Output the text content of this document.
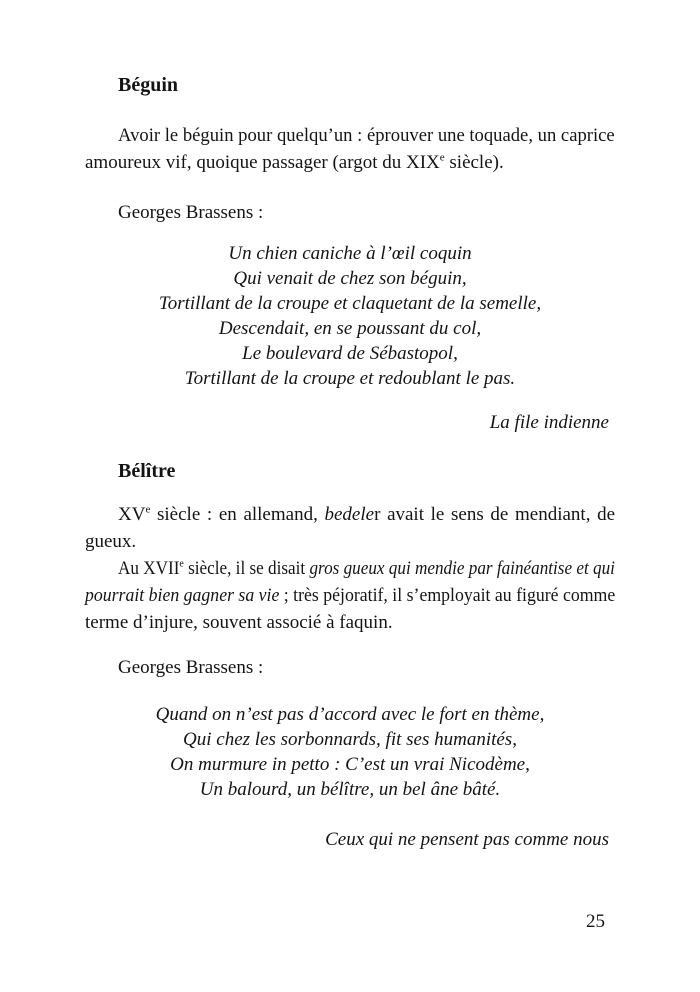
Béguin
Avoir le béguin pour quelqu’un : éprouver une toquade, un caprice
amoureux vif, quoique passager (argot du XIXe siècle).
Georges Brassens :
Un chien caniche à l’œil coquin
Qui venait de chez son béguin,
Tortillant de la croupe et claquetant de la semelle,
Descendait, en se poussant du col,
Le boulevard de Sébastopol,
Tortillant de la croupe et redoublant le pas.
La file indienne
Bélître
XVe siècle : en allemand, bedeler avait le sens de mendiant, de
gueux.
Au XVIIe siècle, il se disait gros gueux qui mendie par fainéantise et qui
pourrait bien gagner sa vie ; très péjoratif, il s’employait au figuré comme
terme d’injure, souvent associé à faquin.
Georges Brassens :
Quand on n’est pas d’accord avec le fort en thème,
Qui chez les sorbonnards, fit ses humanités,
On murmure in petto : C’est un vrai Nicodème,
Un balourd, un bélître, un bel âne bâté.
Ceux qui ne pensent pas comme nous
25
